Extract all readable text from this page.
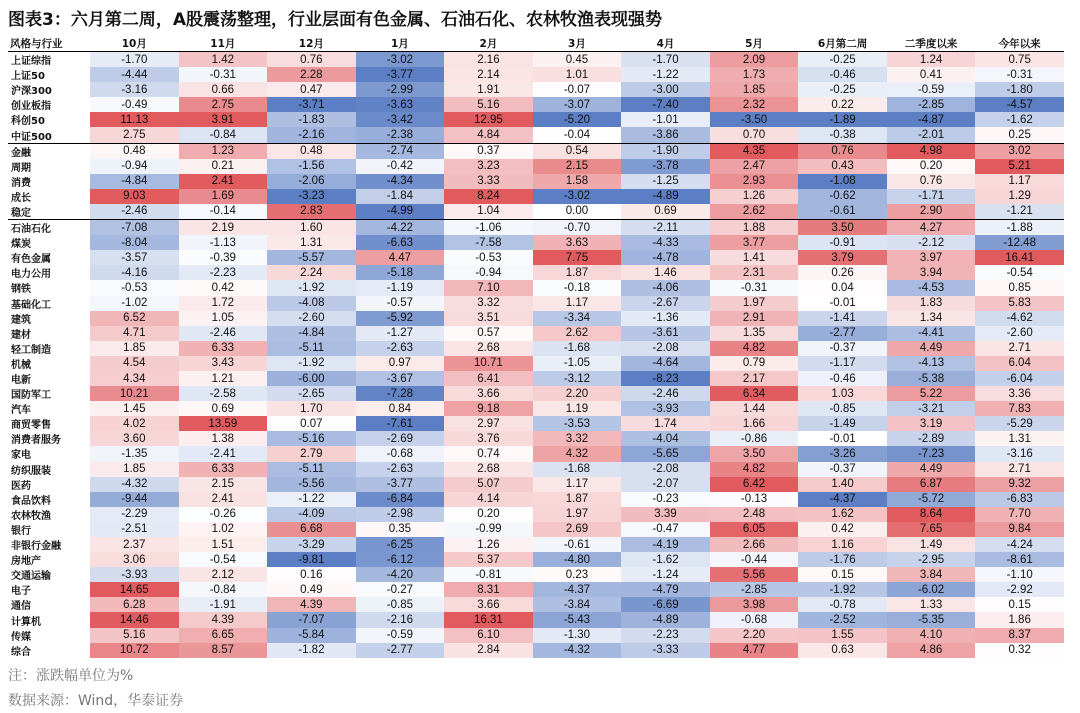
图表3：六月第二周，A股震荡整理，行业层面有色金属、石油石化、农林牧渔表现强势
风格与行业	10月	11月	12月	1月	2月	3月	4月	5月	6月第二周	二季度以来	今年以来
上证综指	-1.70	1.42	0.76	-3.02	2.16	0.45	-1.70	2.09	-0.25	1.24	0.75
上证50	-4.44	-0.31	2.28	-3.77	2.14	1.01	-1.22	1.73	-0.46	0.41	-0.31
沪深300	-3.16	0.66	0.47	-2.99	1.91	-0.07	-3.00	1.85	-0.25	-0.59	-1.80
创业板指	-0.49	2.75	-3.71	-3.63	5.16	-3.07	-7.40	2.32	0.22	-2.85	-4.57
科创50	11.13	3.91	-1.83	-3.42	12.95	-5.20	-1.01	-3.50	-1.89	-4.87	-1.62
中证500	2.75	-0.84	-2.16	-2.38	4.84	-0.04	-3.86	0.70	-0.38	-2.01	0.25
金融	0.48	1.23	0.48	-2.74	0.37	0.54	-1.90	4.35	0.76	4.98	3.02
周期	-0.94	0.21	-1.56	-0.42	3.23	2.15	-3.78	2.47	0.43	0.20	5.21
消费	-4.84	2.41	-2.06	-4.34	3.33	1.58	-1.25	2.93	-1.08	0.76	1.17
成长	9.03	1.69	-3.23	-1.84	8.24	-3.02	-4.89	1.26	-0.62	-1.71	1.29
稳定	-2.46	-0.14	2.83	-4.99	1.04	0.00	0.69	2.62	-0.61	2.90	-1.21
石油石化	-7.08	2.19	1.60	-4.22	-1.06	-0.70	-2.11	1.88	3.50	4.27	-1.88
煤炭	-8.04	-1.13	1.31	-6.63	-7.58	3.63	-4.33	3.77	-0.91	-2.12	-12.48
有色金属	-3.57	-0.39	-5.57	4.47	-0.53	7.75	-4.78	1.41	3.79	3.97	16.41
电力公用	-4.16	-2.23	2.24	-5.18	-0.94	1.87	1.46	2.31	0.26	3.94	-0.54
钢铁	-0.53	0.42	-1.92	-1.19	7.10	-0.18	-4.06	-0.31	0.04	-4.53	0.85
基础化工	-1.02	1.72	-4.08	-0.57	3.32	1.17	-2.67	1.97	-0.01	1.83	5.83
建筑	6.52	1.05	-2.60	-5.92	3.51	-3.34	-1.36	2.91	-1.41	1.34	-4.62
建材	4.71	-2.46	-4.84	-1.27	0.57	2.62	-3.61	1.35	-2.77	-4.41	-2.60
轻工制造	1.85	6.33	-5.11	-2.63	2.68	-1.68	-2.08	4.82	-0.37	4.49	2.71
机械	4.54	3.43	-1.92	0.97	10.71	-1.05	-4.64	0.79	-1.17	-4.13	6.04
电新	4.34	1.21	-6.00	-3.67	6.41	-3.12	-8.23	2.17	-0.46	-5.38	-6.04
国防军工	10.21	-2.58	-2.65	-7.28	3.66	2.20	-2.46	6.34	1.03	5.22	3.36
汽车	1.45	0.69	1.70	0.84	9.18	1.19	-3.93	1.44	-0.85	-3.21	7.83
商贸零售	4.02	13.59	0.07	-7.61	2.97	-3.53	1.74	1.66	-1.49	3.19	-5.29
消费者服务	3.60	1.38	-5.16	-2.69	3.76	3.32	-4.04	-0.86	-0.01	-2.89	1.31
家电	-1.35	-2.41	2.79	-0.68	0.74	4.32	-5.65	3.50	-3.26	-7.23	-3.16
纺织服装	1.85	6.33	-5.11	-2.63	2.68	-1.68	-2.08	4.82	-0.37	4.49	2.71
医药	-4.32	2.15	-5.56	-3.77	5.07	1.17	-2.07	6.42	1.40	6.87	9.32
食品饮料	-9.44	2.41	-1.22	-6.84	4.14	1.87	-0.23	-0.13	-4.37	-5.72	-6.83
农林牧渔	-2.29	-0.26	-4.09	-2.98	0.20	1.97	3.39	2.48	1.62	8.64	7.70
银行	-2.51	1.02	6.68	0.35	-0.99	2.69	-0.47	6.05	0.42	7.65	9.84
非银行金融	2.37	1.51	-3.29	-6.25	1.26	-0.61	-4.19	2.66	1.16	1.49	-4.24
房地产	3.06	-0.54	-9.81	-6.12	5.37	-4.80	-1.62	-0.44	-1.76	-2.95	-8.61
交通运输	-3.93	2.12	0.16	-4.20	-0.81	0.23	-1.24	5.56	0.15	3.84	-1.10
电子	14.65	-0.84	0.49	-0.27	8.31	-4.37	-4.79	-2.85	-1.92	-6.02	-2.92
通信	6.28	-1.91	4.39	-0.85	3.66	-3.84	-6.69	3.98	-0.78	1.33	0.15
计算机	14.46	4.39	-7.07	-2.16	16.31	-5.43	-4.89	-0.68	-2.52	-5.35	1.86
传媒	5.16	6.65	-5.84	-0.59	6.10	-1.30	-2.23	2.20	1.55	4.10	8.37
综合	10.72	8.57	-1.82	-2.77	2.84	-4.32	-3.33	4.77	0.63	4.86	0.32
注：涨跌幅单位为%
数据来源：Wind，华泰证券
